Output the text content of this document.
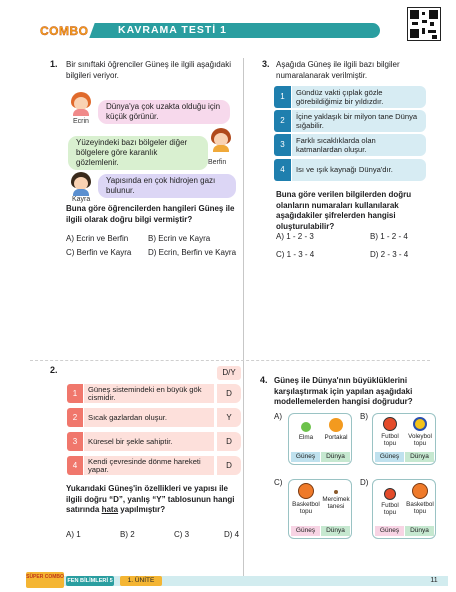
COMBO	KAVRAMA TESTİ 1
1. Bir sınıftaki öğrenciler Güneş ile ilgili aşağıdaki bilgileri veriyor.
Ecrin
Dünya'ya çok uzakta olduğu için küçük görünür.
Yüzeyindeki bazı bölgeler diğer bölgelere göre karanlık gözlemlenir.	Berfin
Kayra
Yapısında en çok hidrojen gazı bulunur.
Buna göre öğrencilerden hangileri Güneş ile ilgili olarak doğru bilgi vermiştir?
A) Ecrin ve Berfin B) Ecrin ve Kayra
C) Berfin ve Kayra D) Ecrin, Berfin ve Kayra
3. Aşağıda Güneş ile ilgili bazı bilgiler numaralanarak verilmiştir.
1	Gündüz vakti çıplak gözle görebildiğimiz bir yıldızdır.
2	İçine yaklaşık bir milyon tane Dünya sığabilir.
3	Farklı sıcaklıklarda olan katmanlardan oluşur.
4	Isı ve ışık kaynağı Dünya'dır.
Buna göre verilen bilgilerden doğru olanların numaraları kullanılarak aşağıdakiler şifrelerden hangisi oluşturulabilir?
A) 1 - 2 - 3	B) 1 - 2 - 4
C) 1 - 3 - 4	D) 2 - 3 - 4
2.	D/Y
1	Güneş sistemindeki en büyük gök cismidir.	D
2	Sıcak gazlardan oluşur.	Y
3	Küresel bir şekle sahiptir.	D
4	Kendi çevresinde dönme hareketi yapar.	D
Yukarıdaki Güneş'in özellikleri ve yapısı ile ilgili doğru “D”, yanlış “Y” tablosunun hangi satırında hata yapılmıştır?
A) 1	B) 2	C) 3	D) 4
4. Güneş ile Dünya'nın büyüklüklerini karşılaştırmak için yapılan aşağıdaki modellemelerden hangisi doğrudur?
A)
Elma	Portakal
Güneş	Dünya
B)
Futbol topu
Voleybol topu
Güneş	Dünya
C)
Basketbol topu
Mercimek tanesi
Güneş	Dünya
D)
Futbol topu
Basketbol topu
Güneş	Dünya
SÜPER COMBO
FEN BİLİMLERİ 5	1. ÜNİTE	11
